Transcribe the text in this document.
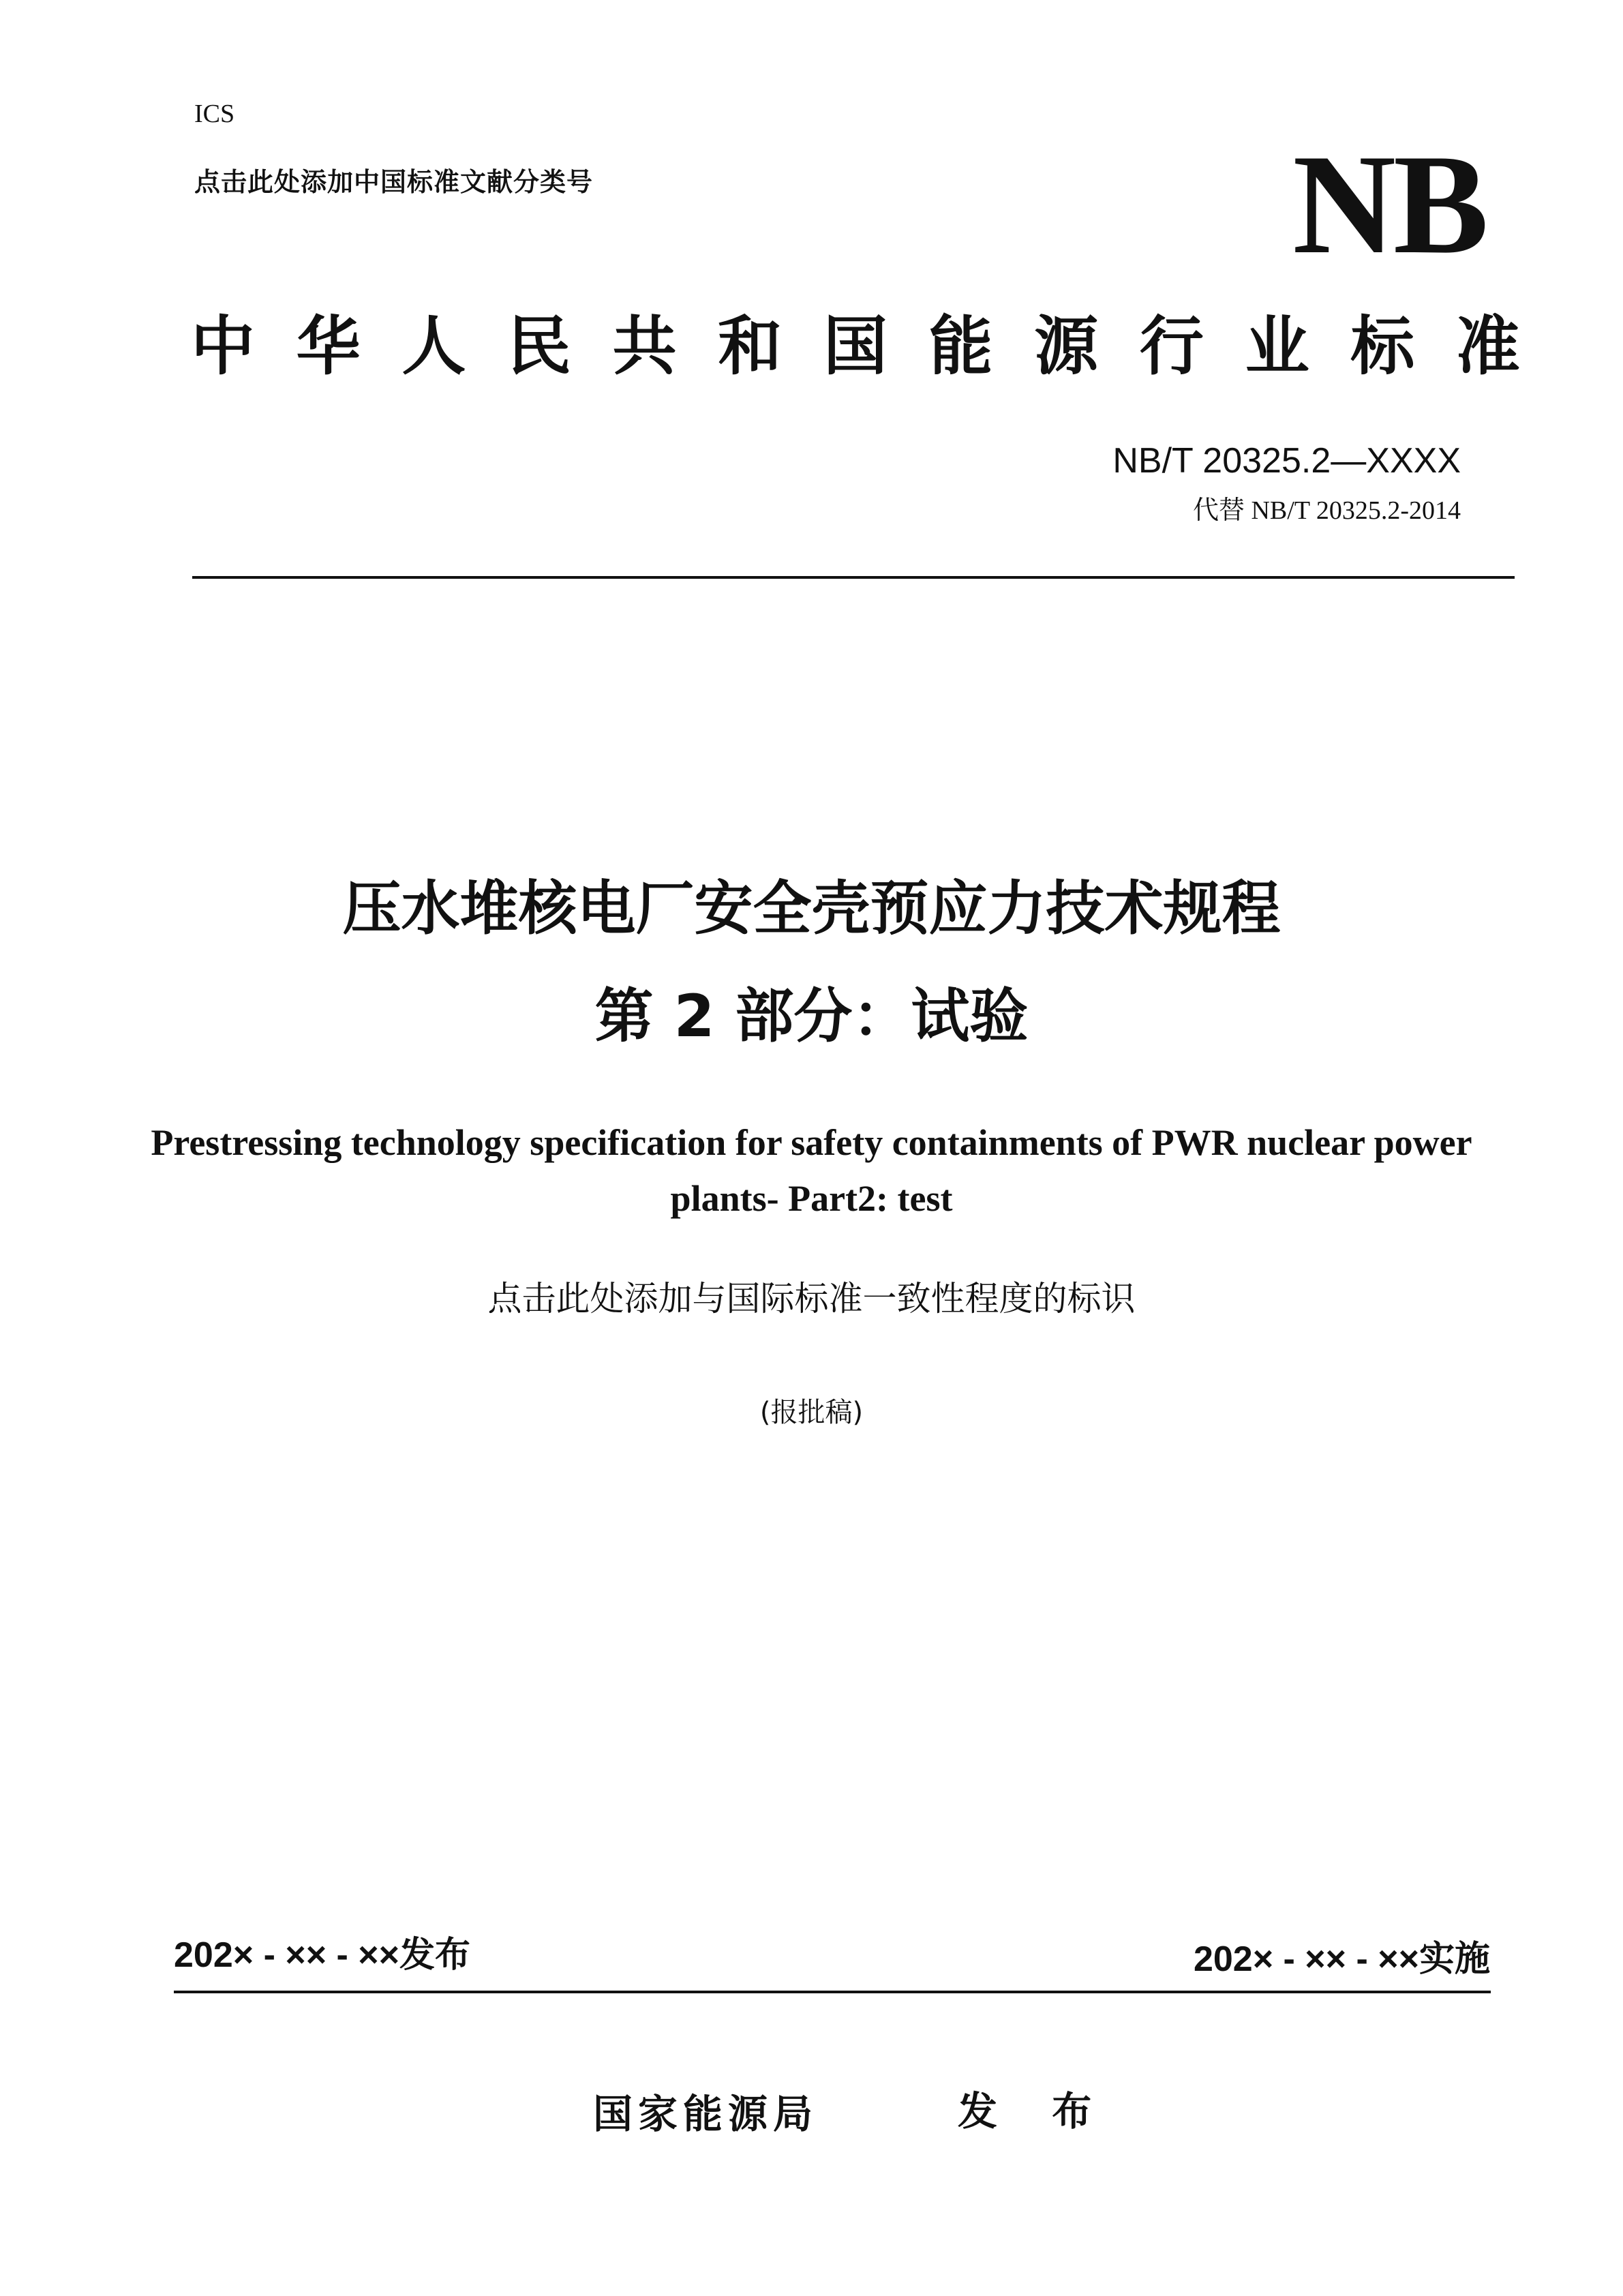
ICS
点击此处添加中国标准文献分类号	NB
中 华 人 民 共 和 国 能 源 行 业 标 准
NB/T 20325.2—XXXX
代替 NB/T 20325.2-2014
压水堆核电厂安全壳预应力技术规程
第 2 部分：试验
Prestressing technology specification for safety containments of PWR nuclear power plants- Part2: test
点击此处添加与国际标准一致性程度的标识
(报批稿)
202× - ×× - ××发布	202× - ×× - ××实施
国家能源局	发 布
